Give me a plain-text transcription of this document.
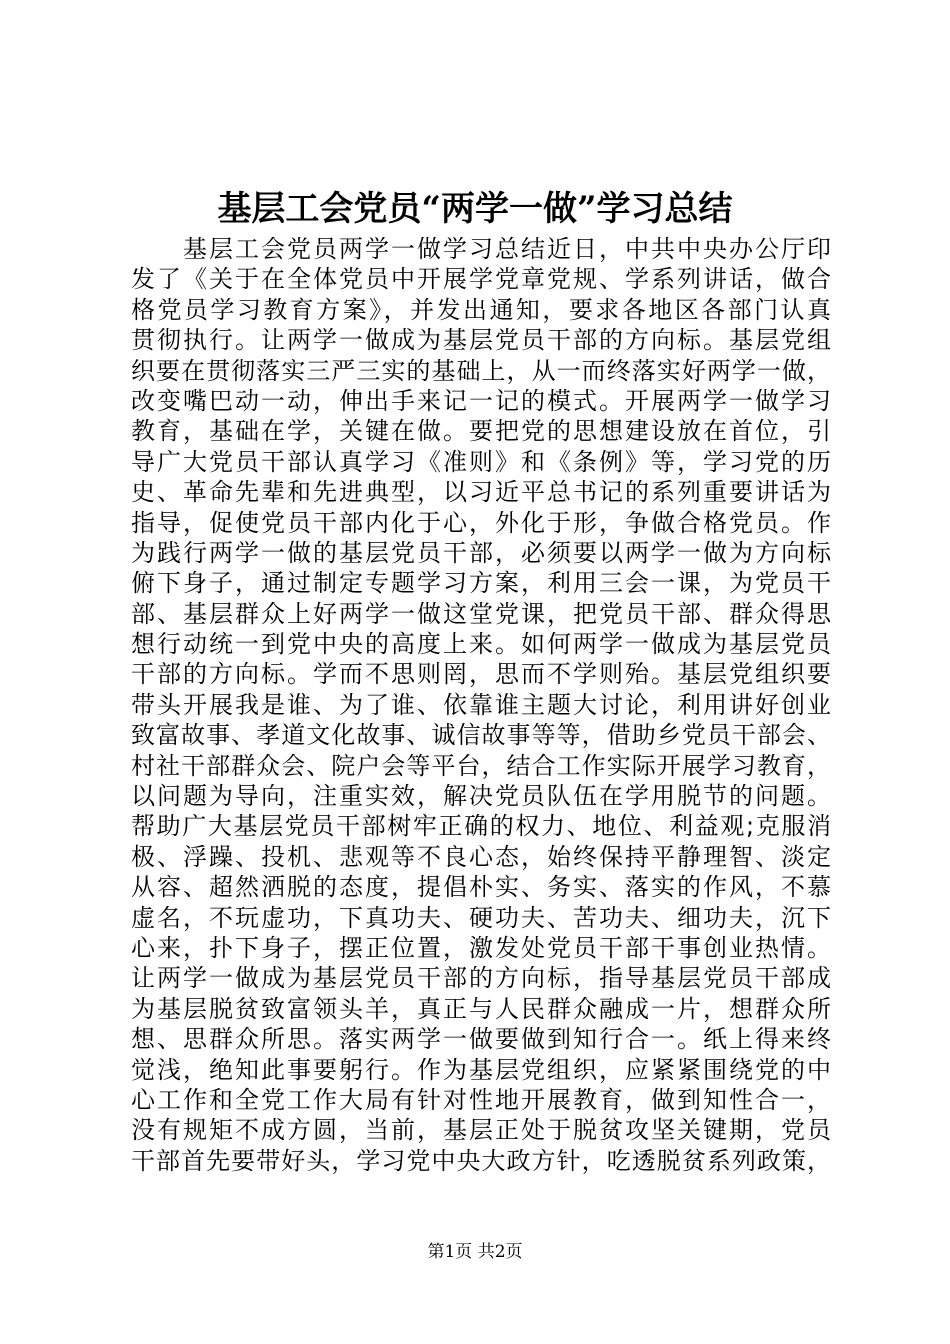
基层工会党员“两学一做”学习总结
　　基层工会党员两学一做学习总结近日，中共中央办公厅印
发了《关于在全体党员中开展学党章党规、学系列讲话，做合
格党员学习教育方案》，并发出通知，要求各地区各部门认真
贯彻执行。让两学一做成为基层党员干部的方向标。基层党组
织要在贯彻落实三严三实的基础上，从一而终落实好两学一做，
改变嘴巴动一动，伸出手来记一记的模式。开展两学一做学习
教育，基础在学，关键在做。要把党的思想建设放在首位，引
导广大党员干部认真学习《准则》和《条例》等，学习党的历
史、革命先辈和先进典型，以习近平总书记的系列重要讲话为
指导，促使党员干部内化于心，外化于形，争做合格党员。作
为践行两学一做的基层党员干部，必须要以两学一做为方向标
俯下身子，通过制定专题学习方案，利用三会一课，为党员干
部、基层群众上好两学一做这堂党课，把党员干部、群众得思
想行动统一到党中央的高度上来。如何两学一做成为基层党员
干部的方向标。学而不思则罔，思而不学则殆。基层党组织要
带头开展我是谁、为了谁、依靠谁主题大讨论，利用讲好创业
致富故事、孝道文化故事、诚信故事等等，借助乡党员干部会、
村社干部群众会、院户会等平台，结合工作实际开展学习教育，
以问题为导向，注重实效，解决党员队伍在学用脱节的问题。
帮助广大基层党员干部树牢正确的权力、地位、利益观;克服消
极、浮躁、投机、悲观等不良心态，始终保持平静理智、淡定
从容、超然洒脱的态度，提倡朴实、务实、落实的作风，不慕
虚名，不玩虚功，下真功夫、硬功夫、苦功夫、细功夫，沉下
心来，扑下身子，摆正位置，激发处党员干部干事创业热情。
让两学一做成为基层党员干部的方向标，指导基层党员干部成
为基层脱贫致富领头羊，真正与人民群众融成一片，想群众所
想、思群众所思。落实两学一做要做到知行合一。纸上得来终
觉浅，绝知此事要躬行。作为基层党组织，应紧紧围绕党的中
心工作和全党工作大局有针对性地开展教育，做到知性合一，
没有规矩不成方圆，当前，基层正处于脱贫攻坚关键期，党员
干部首先要带好头，学习党中央大政方针，吃透脱贫系列政策，
第1页 共2页
